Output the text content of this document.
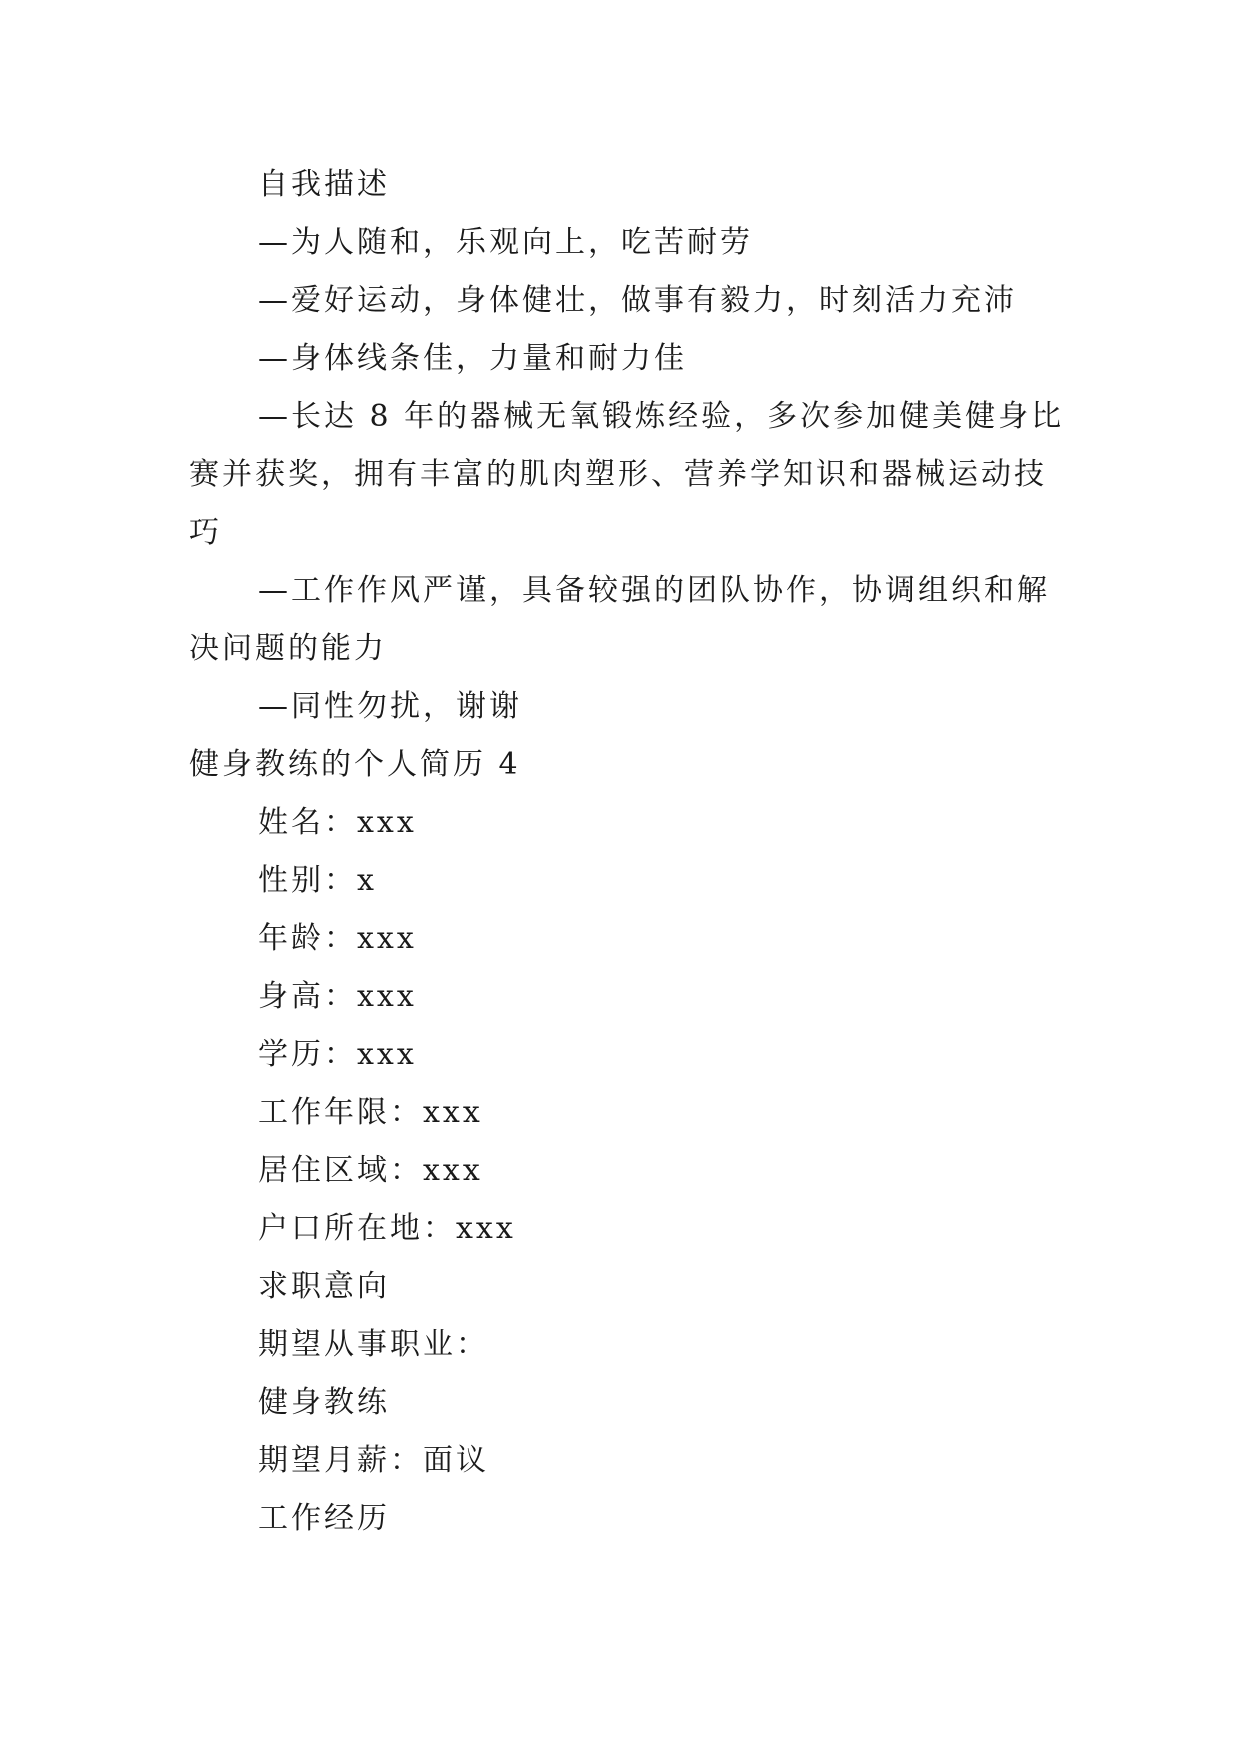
自我描述
—为人随和，乐观向上，吃苦耐劳
—爱好运动，身体健壮，做事有毅力，时刻活力充沛
—身体线条佳，力量和耐力佳
—长达 8 年的器械无氧锻炼经验，多次参加健美健身比
赛并获奖，拥有丰富的肌肉塑形、营养学知识和器械运动技
巧
—工作作风严谨，具备较强的团队协作，协调组织和解
决问题的能力
—同性勿扰，谢谢
健身教练的个人简历 4
姓名：xxx
性别：x
年龄：xxx
身高：xxx
学历：xxx
工作年限：xxx
居住区域：xxx
户口所在地：xxx
求职意向
期望从事职业：
健身教练
期望月薪：面议
工作经历
